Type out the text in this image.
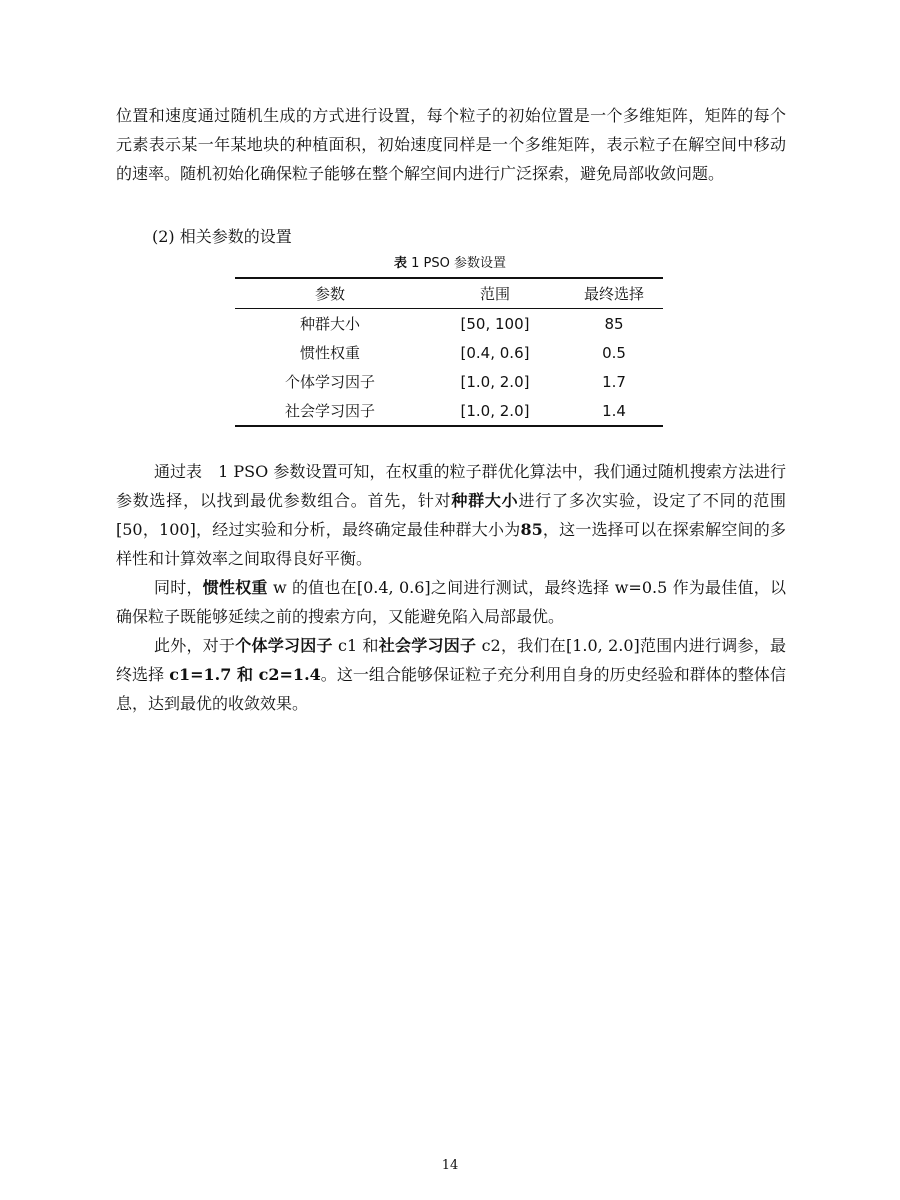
位置和速度通过随机生成的方式进行设置，每个粒子的初始位置是一个多维矩阵，矩阵的每个元素表示某一年某地块的种植面积，初始速度同样是一个多维矩阵，表示粒子在解空间中移动的速率。随机初始化确保粒子能够在整个解空间内进行广泛探索，避免局部收敛问题。

(2) 相关参数的设置

表 1 PSO 参数设置
参数	范围	最终选择
种群大小	[50, 100]	85
惯性权重	[0.4, 0.6]	0.5
个体学习因子	[1.0, 2.0]	1.7
社会学习因子	[1.0, 2.0]	1.4

通过表　1 PSO 参数设置可知，在权重的粒子群优化算法中，我们通过随机搜索方法进行参数选择，以找到最优参数组合。首先，针对种群大小进行了多次实验，设定了不同的范围[50，100]，经过实验和分析，最终确定最佳种群大小为85，这一选择可以在探索解空间的多样性和计算效率之间取得良好平衡。

同时，惯性权重 w 的值也在[0.4, 0.6]之间进行测试，最终选择 w=0.5 作为最佳值，以确保粒子既能够延续之前的搜索方向，又能避免陷入局部最优。

此外，对于个体学习因子 c1 和社会学习因子 c2，我们在[1.0, 2.0]范围内进行调参，最终选择 c1=1.7 和 c2=1.4。这一组合能够保证粒子充分利用自身的历史经验和群体的整体信息，达到最优的收敛效果。

14
